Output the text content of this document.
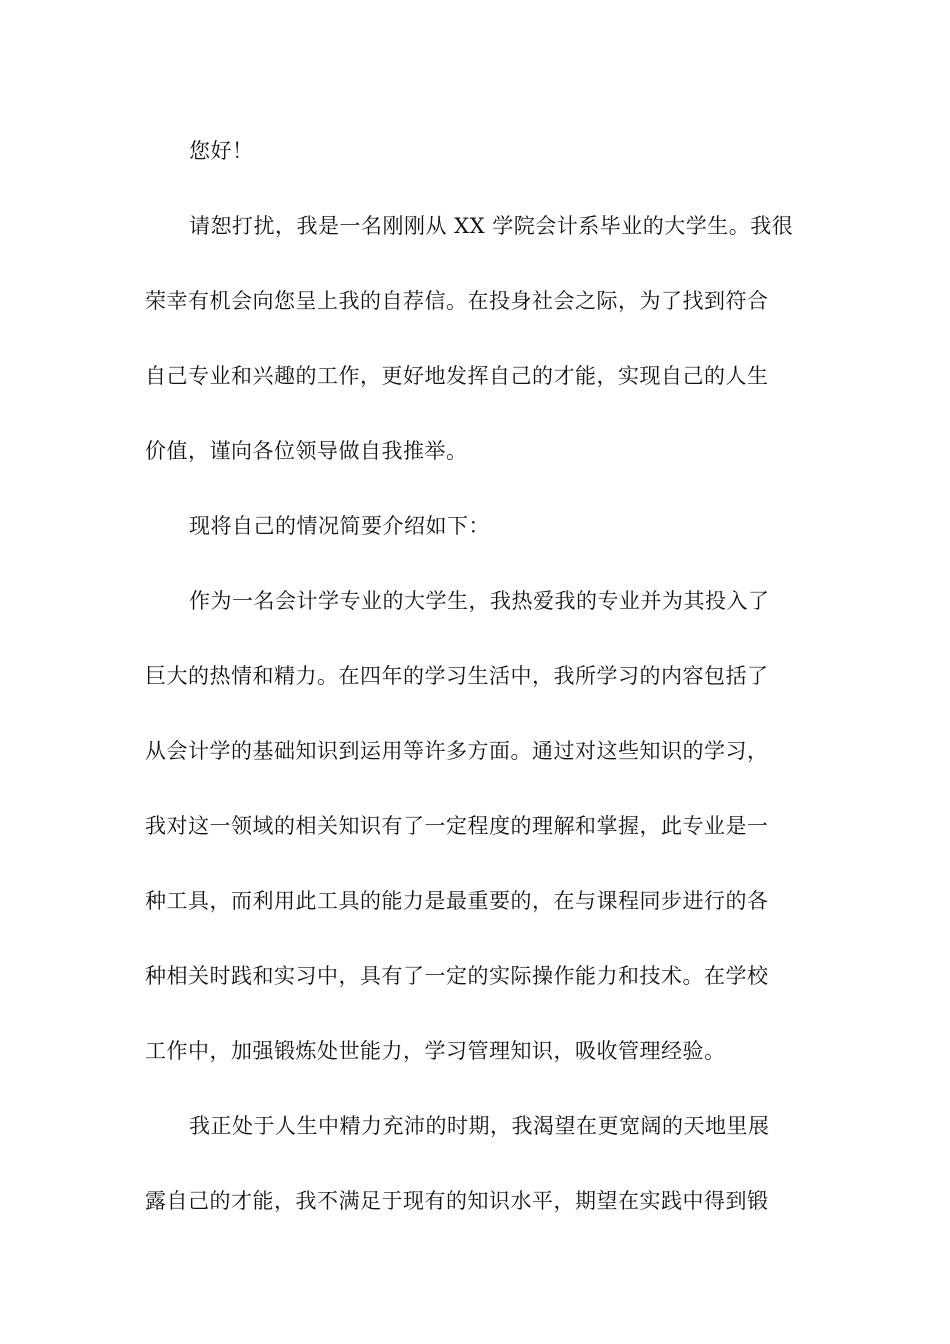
您好！

请恕打扰，我是一名刚刚从 XX 学院会计系毕业的大学生。我很
荣幸有机会向您呈上我的自荐信。在投身社会之际，为了找到符合
自己专业和兴趣的工作，更好地发挥自己的才能，实现自己的人生
价值，谨向各位领导做自我推举。

现将自己的情况简要介绍如下：

作为一名会计学专业的大学生，我热爱我的专业并为其投入了
巨大的热情和精力。在四年的学习生活中，我所学习的内容包括了
从会计学的基础知识到运用等许多方面。通过对这些知识的学习，
我对这一领域的相关知识有了一定程度的理解和掌握，此专业是一
种工具，而利用此工具的能力是最重要的，在与课程同步进行的各
种相关时践和实习中，具有了一定的实际操作能力和技术。在学校
工作中，加强锻炼处世能力，学习管理知识，吸收管理经验。

我正处于人生中精力充沛的时期，我渴望在更宽阔的天地里展
露自己的才能，我不满足于现有的知识水平，期望在实践中得到锻
